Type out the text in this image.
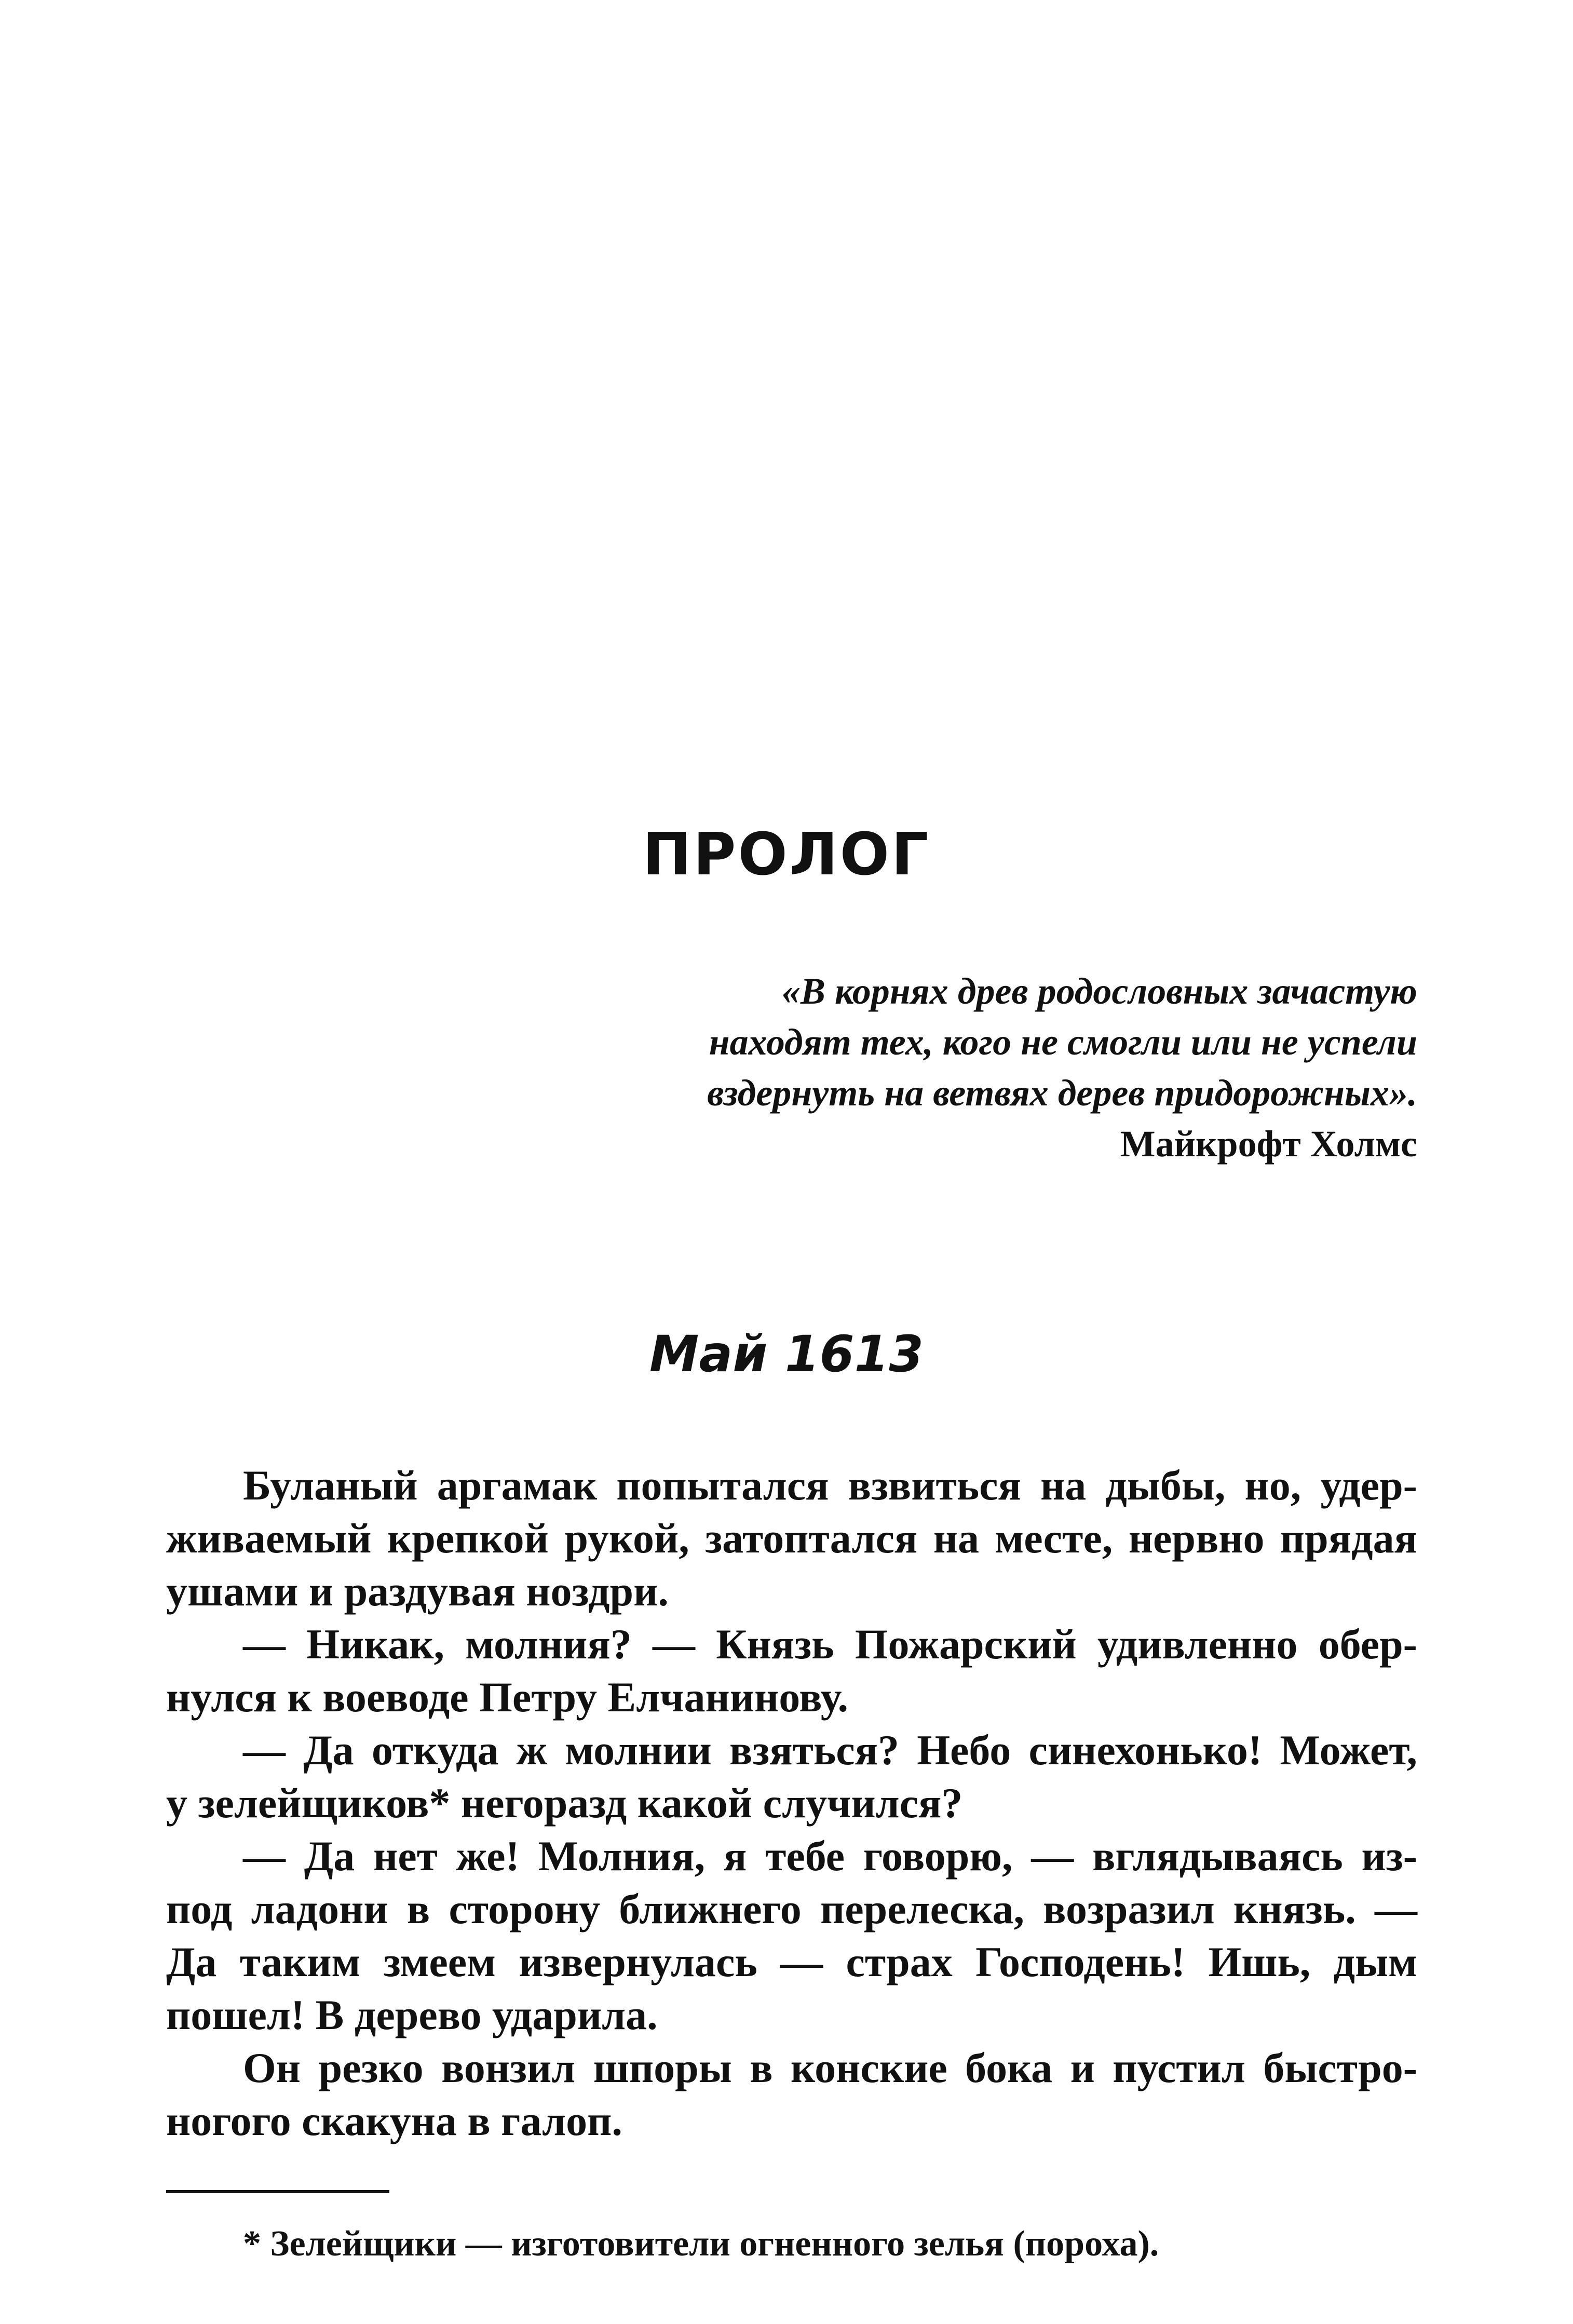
ПРОЛОГ
«В корнях древ родословных зачастую
находят тех, кого не смогли или не успели
вздернуть на ветвях дерев придорожных».
Майкрофт Холмс
Май 1613

Буланый аргамак попытался взвиться на дыбы, но, удер-
живаемый крепкой рукой, затоптался на месте, нервно прядая
ушами и раздувая ноздри.

— Никак, молния? — Князь Пожарский удивленно обер-
нулся к воеводе Петру Елчанинову.

— Да откуда ж молнии взяться? Небо синехонько! Может,
у зелейщиков* негоразд какой случился?

— Да нет же! Молния, я тебе говорю, — вглядываясь из-
под ладони в сторону ближнего перелеска, возразил князь. —
Да таким змеем извернулась — страх Господень! Ишь, дым
пошел! В дерево ударила.

Он резко вонзил шпоры в конские бока и пустил быстро-
ногого скакуна в галоп.

* Зелейщики — изготовители огненного зелья (пороха).
